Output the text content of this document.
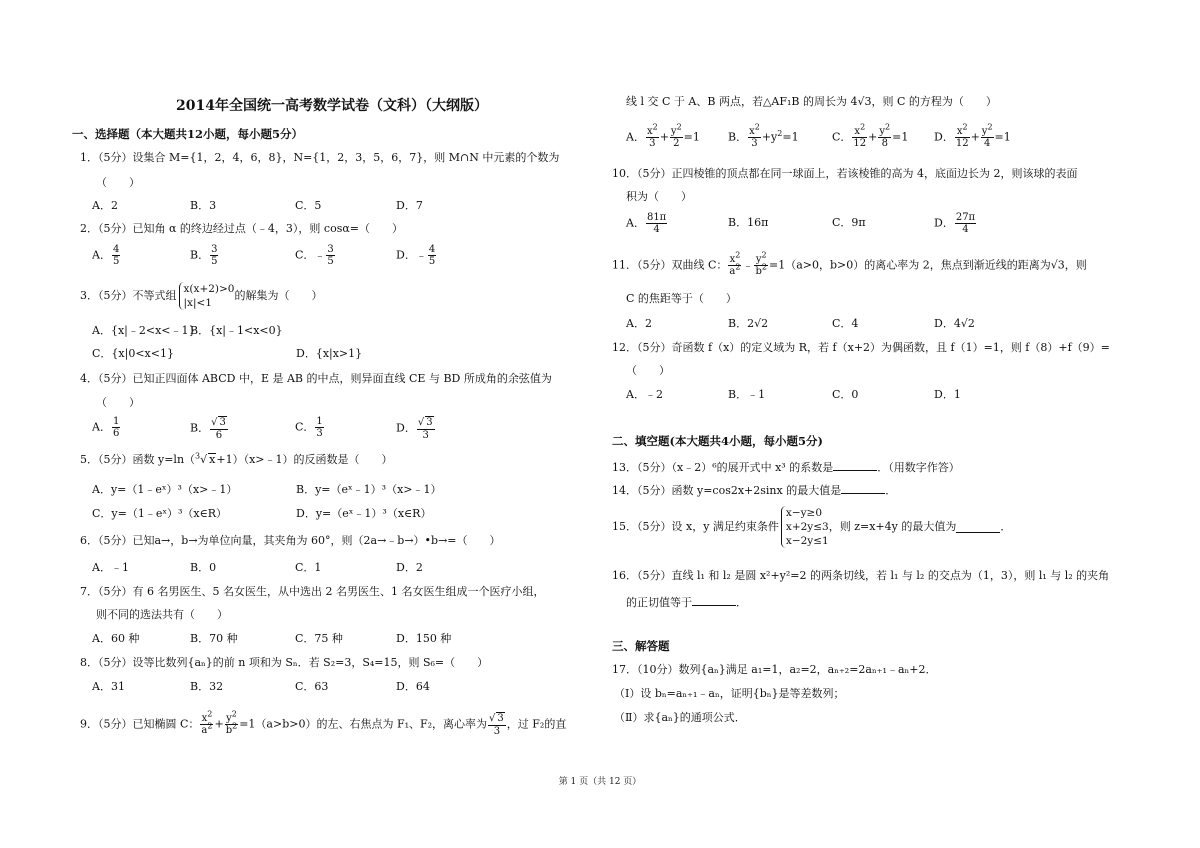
2014年全国统一高考数学试卷（文科）（大纲版）
一、选择题（本大题共12小题，每小题5分）
1．（5分）设集合 M={1，2，4，6，8}，N={1，2，3，5，6，7}，则 M∩N 中元素的个数为
（　　）
A．2	B．3	C．5	D．7
2．（5分）已知角 α 的终边经过点（﹣4，3），则 cosα=（　　）
A． $\frac{4}{5}$	B． $\frac{3}{5}$	C．﹣ $\frac{3}{5}$	D．﹣ $\frac{4}{5}$
3．（5分）不等式组 x(x+2)>0
|x|<1
的解集为（　　）
A．{x|﹣2<x<﹣1}
B．{x|﹣1<x<0}
C．{x|0<x<1}	D．{x|x>1}
4．（5分）已知正四面体 ABCD 中，E 是 AB 的中点，则异面直线 CE 与 BD 所成角的余弦值为
（　　）
A． $\frac{1}{6}$	B． $\frac{√ 3}{6}$	C． $\frac{1}{3}$	D． $\frac{√ 3}{3}$
5．（5分）函数 y=ln（$^3$√ x+1）（x>﹣1）的反函数是（　　）
A．y=（1﹣eˣ）³（x>﹣1）	B．y=（eˣ﹣1）³（x>﹣1）
C．y=（1﹣eˣ）³（x∈R）	D．y=（eˣ﹣1）³（x∈R）
6．（5分）已知a→，b→为单位向量，其夹角为 60°，则（2a→﹣b→）•b→=（　　）
A．﹣1	B．0	C．1	D．2
7．（5分）有 6 名男医生、5 名女医生，从中选出 2 名男医生、1 名女医生组成一个医疗小组，
则不同的选法共有（　　）
A．60 种	B．70 种	C．75 种	D．150 种
8．（5分）设等比数列{aₙ}的前 n 项和为 Sₙ．若 S₂=3，S₄=15，则 S₆=（　　）
A．31	B．32	C．63	D．64
9．（5分）已知椭圆 C： $\frac{x^2}{a^2} + \frac{y^2}{b^2} =1(a>b>0)$的左、右焦点为 F₁、F₂，离心率为 $\frac{√ 3}{3}$ ，过 F₂的直
线 l 交 C 于 A、B 两点，若△AF₁B 的周长为 4√3，则 C 的方程为（　　）
A． $\frac{x^2}{3} + \frac{y^2}{2} =1$	B． $\frac{x^2}{3} +y^2=1$	C． $\frac{x^2}{12} + \frac{y^2}{8} =1$ D． $\frac{x^2}{12} + \frac{y^2}{4} =1$
10．（5分）正四棱锥的顶点都在同一球面上，若该棱锥的高为 4，底面边长为 2，则该球的表面
积为（　　）
A． $\frac{81\pi}{4}$	B．16π	C．9π	D． $\frac{27\pi}{4}$
11．（5分）双曲线 C： $\frac{x^2}{a^2}$ ﹣ $\frac{y^2}{b^2} =1(a>0$，b>0）的离心率为 2，焦点到渐近线的距离为√3，则
C 的焦距等于（　　）
A．2	B．2√2	C．4	D．4√2
12．（5分）奇函数 f（x）的定义域为 R，若 f（x+2）为偶函数，且 f（1）=1，则 f（8）+f（9）=
（　　）
A．﹣2	B．﹣1	C．0	D．1
二、填空题(本大题共4小题，每小题5分)
13．（5分）（x﹣2）⁶的展开式中 x³ 的系数是	．（用数字作答）
14．（5分）函数 y=cos2x+2sinx 的最大值是	．
15．（5分）设 x，y 满足约束条件
x−y≥0
x+2y≤3
x−2y≤1
，则 z=x+4y 的最大值为	．
16．（5分）直线 l₁ 和 l₂ 是圆 x²+y²=2 的两条切线，若 l₁ 与 l₂ 的交点为（1，3），则 l₁ 与 l₂ 的夹角
的正切值等于	．
三、解答题
17．（10分）数列{aₙ}满足 a₁=1，a₂=2，aₙ₊₂=2aₙ₊₁﹣aₙ+2．
（Ⅰ）设 bₙ=aₙ₊₁﹣aₙ，证明{bₙ}是等差数列；
（Ⅱ）求{aₙ}的通项公式．
第 1 页（共 12 页）
